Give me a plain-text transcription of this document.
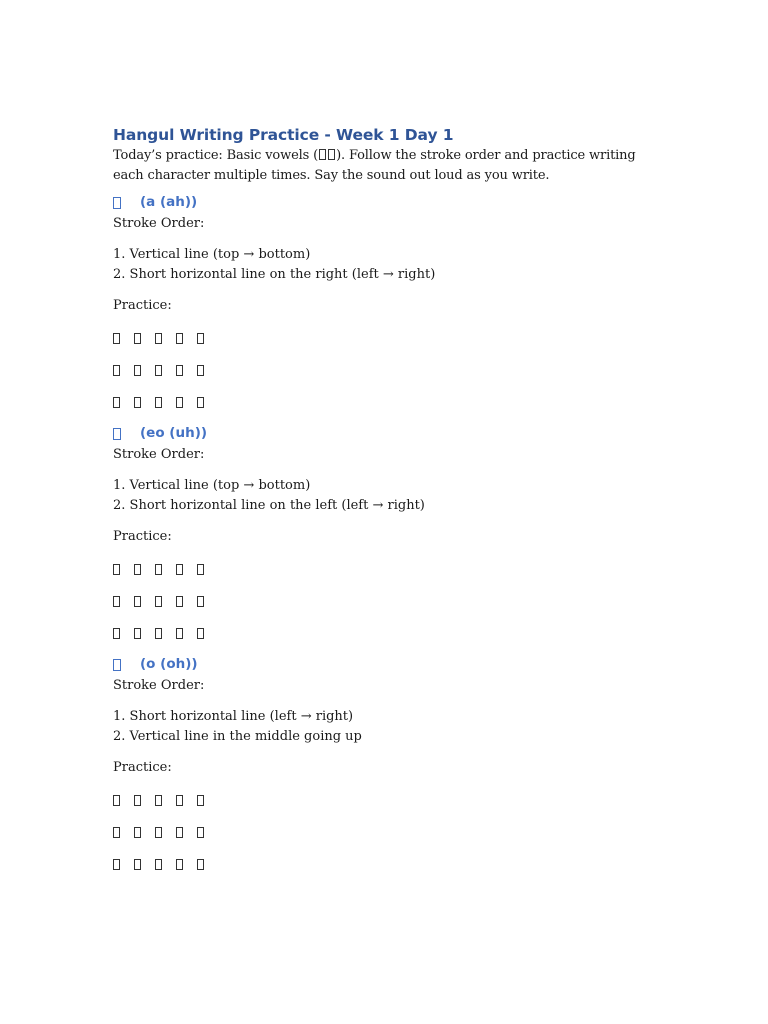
Hangul Writing Practice - Week 1 Day 1

Today’s practice: Basic vowels ( ). Follow the stroke order and practice writing each character multiple times. Say the sound out loud as you write.

(a (ah))
Stroke Order:
1. Vertical line (top → bottom)
2. Short horizontal line on the right (left → right)
Practice:
(eo (uh))
Stroke Order:
1. Vertical line (top → bottom)
2. Short horizontal line on the left (left → right)
Practice:
(o (oh))
Stroke Order:
1. Short horizontal line (left → right)
2. Vertical line in the middle going up
Practice:
